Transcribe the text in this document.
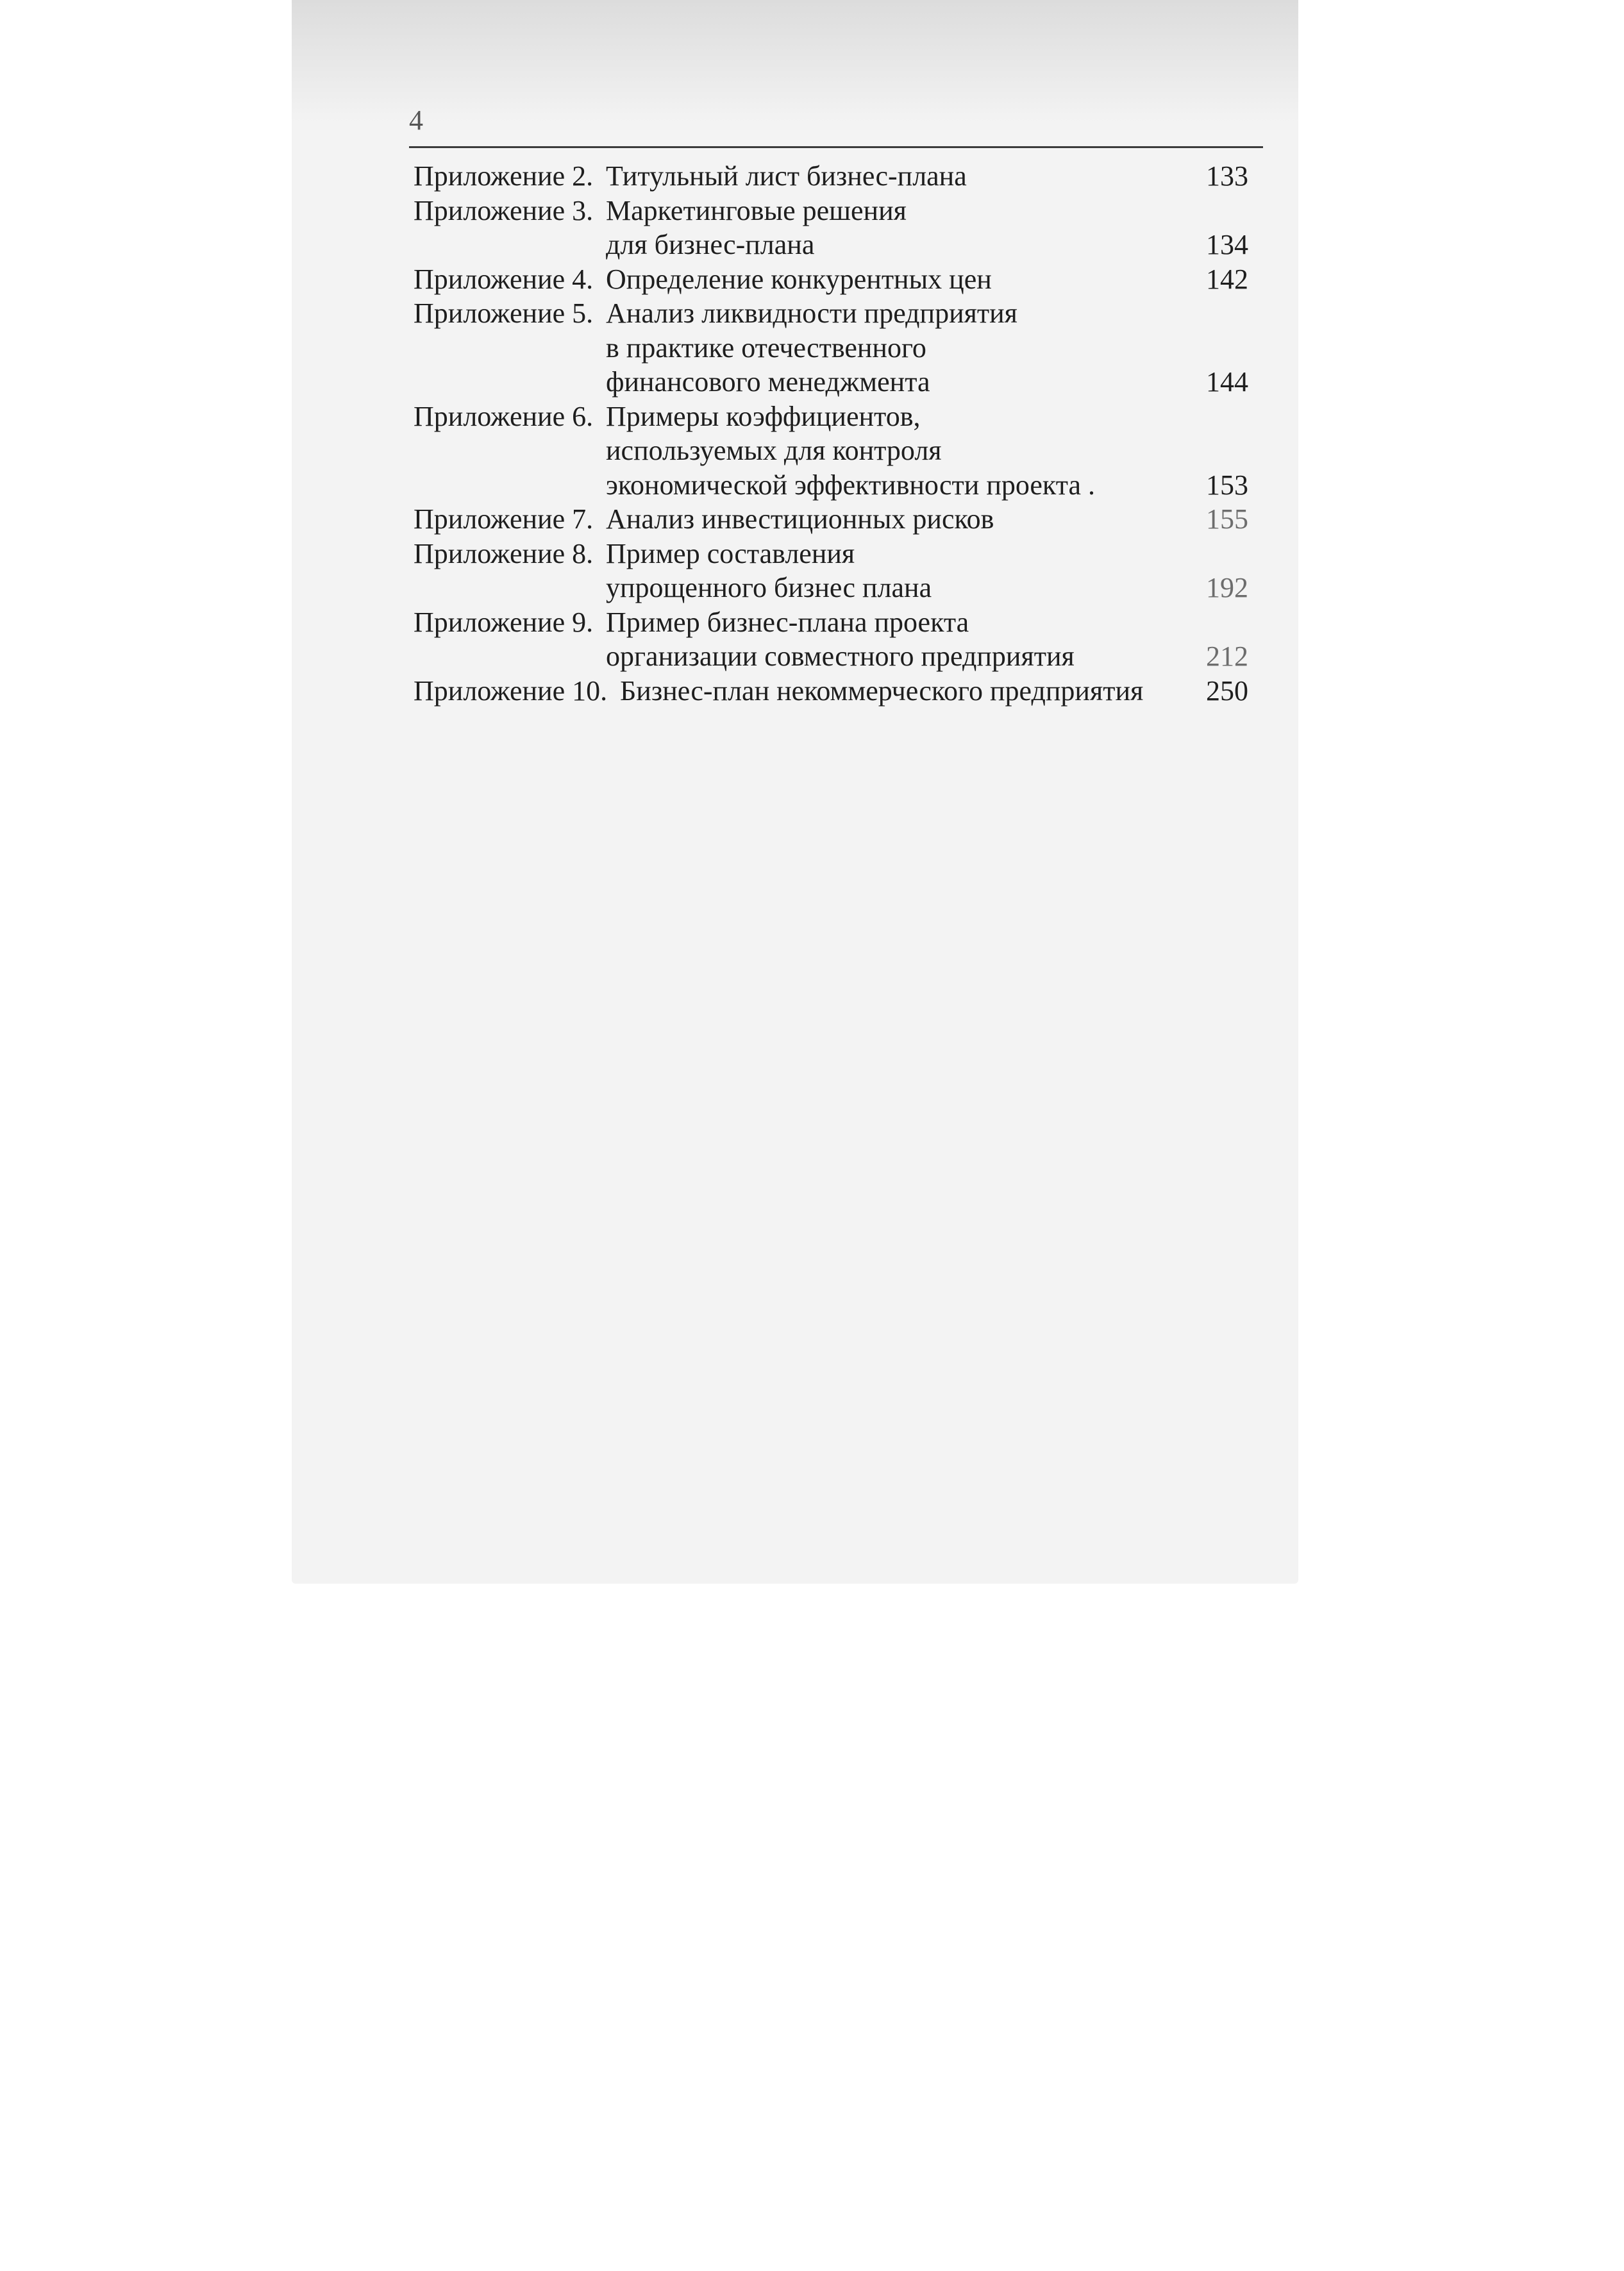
4
Приложение 2. Титульный лист бизнес-плана	133
Приложение 3. Маркетинговые решения
для бизнес-плана	134
Приложение 4. Определение конкурентных цен	142
Приложение 5. Анализ ликвидности предприятия
в практике отечественного
финансового менеджмента	144
Приложение 6. Примеры коэффициентов,
используемых для контроля
экономической эффективности проекта .	153
Приложение 7. Анализ инвестиционных рисков	155
Приложение 8. Пример составления
упрощенного бизнес плана	192
Приложение 9. Пример бизнес-плана проекта
организации совместного предприятия	212
Приложение 10. Бизнес-план некоммерческого предприятия 250
